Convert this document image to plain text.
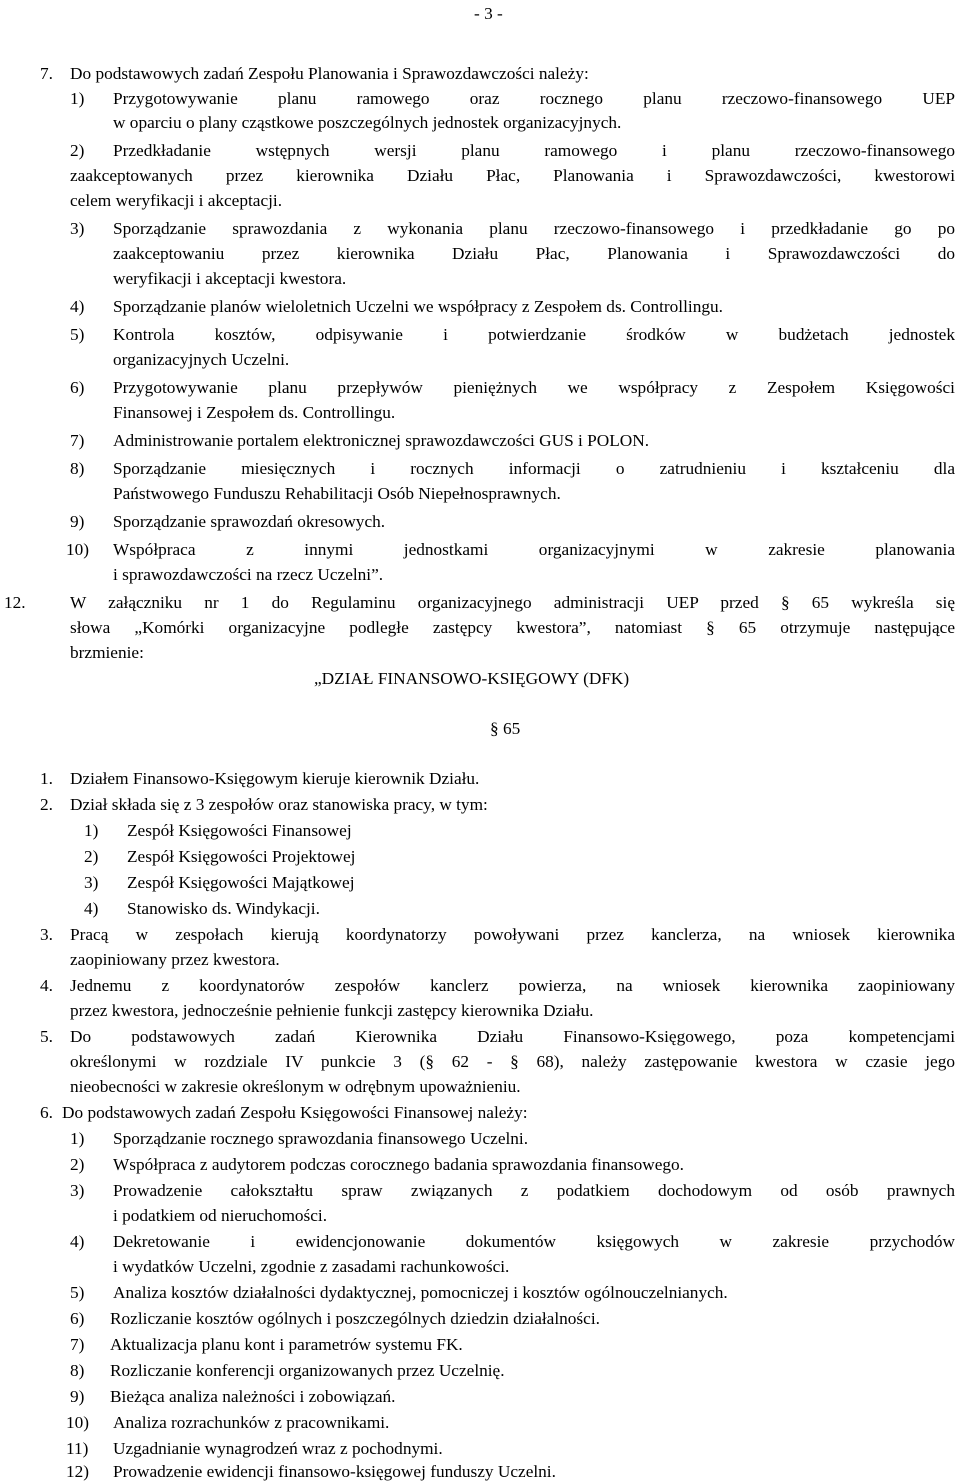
- 3 -
7. Do podstawowych zadań Zespołu Planowania i Sprawozdawczości należy:
1) Przygotowywanie planu ramowego oraz rocznego planu rzeczowo-finansowego UEP
w oparciu o plany cząstkowe poszczególnych jednostek organizacyjnych.
2) Przedkładanie wstępnych wersji planu ramowego i planu rzeczowo-finansowego
zaakceptowanych przez kierownika Działu Płac, Planowania i Sprawozdawczości, kwestorowi
celem weryfikacji i akceptacji.
3) Sporządzanie sprawozdania z wykonania planu rzeczowo-finansowego i przedkładanie go po
zaakceptowaniu przez kierownika Działu Płac, Planowania i Sprawozdawczości do
weryfikacji i akceptacji kwestora.
4) Sporządzanie planów wieloletnich Uczelni we współpracy z Zespołem ds. Controllingu.
5) Kontrola kosztów, odpisywanie i potwierdzanie środków w budżetach jednostek
organizacyjnych Uczelni.
6) Przygotowywanie planu przepływów pieniężnych we współpracy z Zespołem Księgowości
Finansowej i Zespołem ds. Controllingu.
7) Administrowanie portalem elektronicznej sprawozdawczości GUS i POLON.
8) Sporządzanie miesięcznych i rocznych informacji o zatrudnieniu i kształceniu dla
Państwowego Funduszu Rehabilitacji Osób Niepełnosprawnych.
9) Sporządzanie sprawozdań okresowych.
10) Współpraca z innymi jednostkami organizacyjnymi w zakresie planowania
i sprawozdawczości na rzecz Uczelni”.
12.	W załączniku nr 1 do Regulaminu organizacyjnego administracji UEP przed § 65 wykreśla się
słowa „Komórki organizacyjne podległe zastępcy kwestora”, natomiast § 65 otrzymuje następujące
brzmienie:
„DZIAŁ FINANSOWO-KSIĘGOWY (DFK)
§ 65
1. Działem Finansowo-Księgowym kieruje kierownik Działu.
2. Dział składa się z 3 zespołów oraz stanowiska pracy, w tym:
1) Zespół Księgowości Finansowej
2) Zespół Księgowości Projektowej
3) Zespół Księgowości Majątkowej
4) Stanowisko ds. Windykacji.
3. Pracą w zespołach kierują koordynatorzy powoływani przez kanclerza, na wniosek kierownika
zaopiniowany przez kwestora.
4. Jednemu z koordynatorów zespołów kanclerz powierza, na wniosek kierownika zaopiniowany
przez kwestora, jednocześnie pełnienie funkcji zastępcy kierownika Działu.
5. Do podstawowych zadań Kierownika Działu Finansowo-Księgowego, poza kompetencjami
określonymi w rozdziale IV punkcie 3 (§ 62 - § 68), należy zastępowanie kwestora w czasie jego
nieobecności w zakresie określonym w odrębnym upoważnieniu.
6. Do podstawowych zadań Zespołu Księgowości Finansowej należy:
1) Sporządzanie rocznego sprawozdania finansowego Uczelni.
2) Współpraca z audytorem podczas corocznego badania sprawozdania finansowego.
3) Prowadzenie całokształtu spraw związanych z podatkiem dochodowym od osób prawnych
i podatkiem od nieruchomości.
4) Dekretowanie i ewidencjonowanie dokumentów księgowych w zakresie przychodów
i wydatków Uczelni, zgodnie z zasadami rachunkowości.
5) Analiza kosztów działalności dydaktycznej, pomocniczej i kosztów ogólnouczelnianych.
6) Rozliczanie kosztów ogólnych i poszczególnych dziedzin działalności.
7) Aktualizacja planu kont i parametrów systemu FK.
8) Rozliczanie konferencji organizowanych przez Uczelnię.
9) Bieżąca analiza należności i zobowiązań.
10) Analiza rozrachunków z pracownikami.
11) Uzgadnianie wynagrodzeń wraz z pochodnymi.
12) Prowadzenie ewidencji finansowo-księgowej funduszy Uczelni.
